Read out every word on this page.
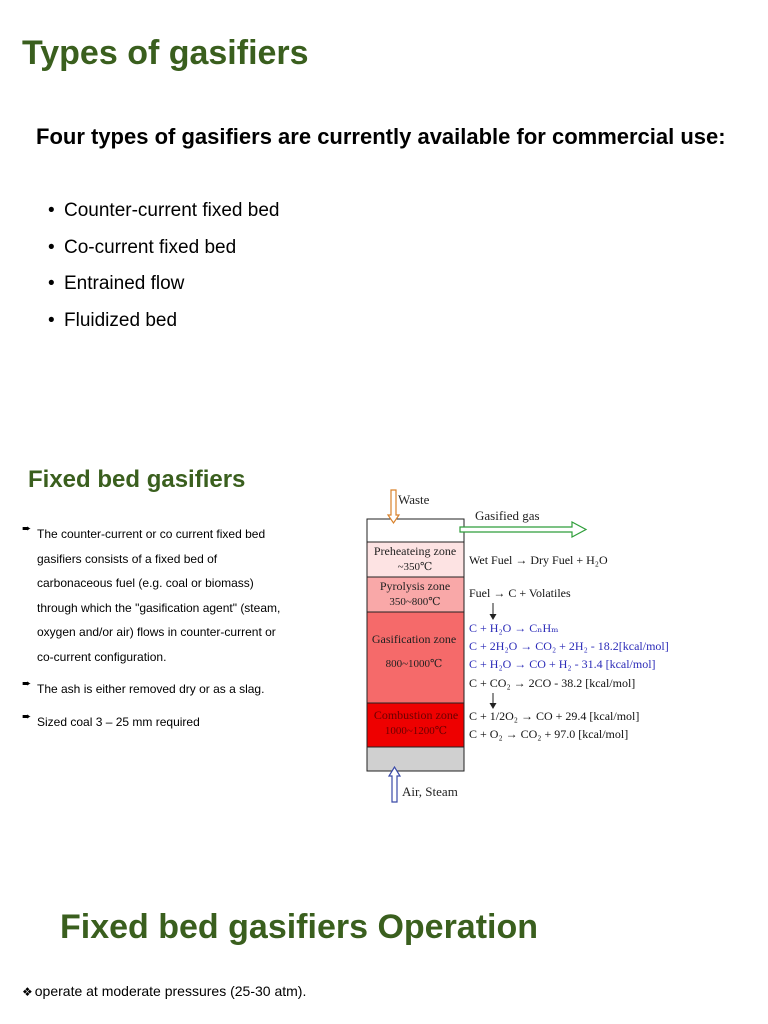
Types of gasifiers
Four types of gasifiers are currently available for commercial use:
• Counter-current fixed bed
• Co-current fixed bed
• Entrained flow
• Fluidized bed
Fixed bed gasifiers
➨ The counter-current or co current fixed bed gasifiers consists of a fixed bed of carbonaceous fuel (e.g. coal or biomass) through which the "gasification agent" (steam, oxygen and/or air) flows in counter-current or co-current configuration.
➨ The ash is either removed dry or as a slag.
➨ Sized coal 3 – 25 mm required
Preheateing zone
~350℃
Pyrolysis zone
350~800℃
Gasification zone
800~1000℃
Combustion zone
1000~1200℃
Waste
Gasified gas
Air, Steam
Wet Fuel → Dry Fuel + H₂O
Fuel → C + Volatiles
C + H₂O → CₙHₘ
C + 2H₂O → CO₂ + 2H₂ - 18.2[kcal/mol]
C + H₂O → CO + H₂ - 31.4 [kcal/mol]
C + CO₂ → 2CO - 38.2 [kcal/mol]
C + 1/2O₂ → CO + 29.4 [kcal/mol]
C + O₂ → CO₂ + 97.0 [kcal/mol]
Fixed bed gasifiers Operation
❖ operate at moderate pressures (25-30 atm).
